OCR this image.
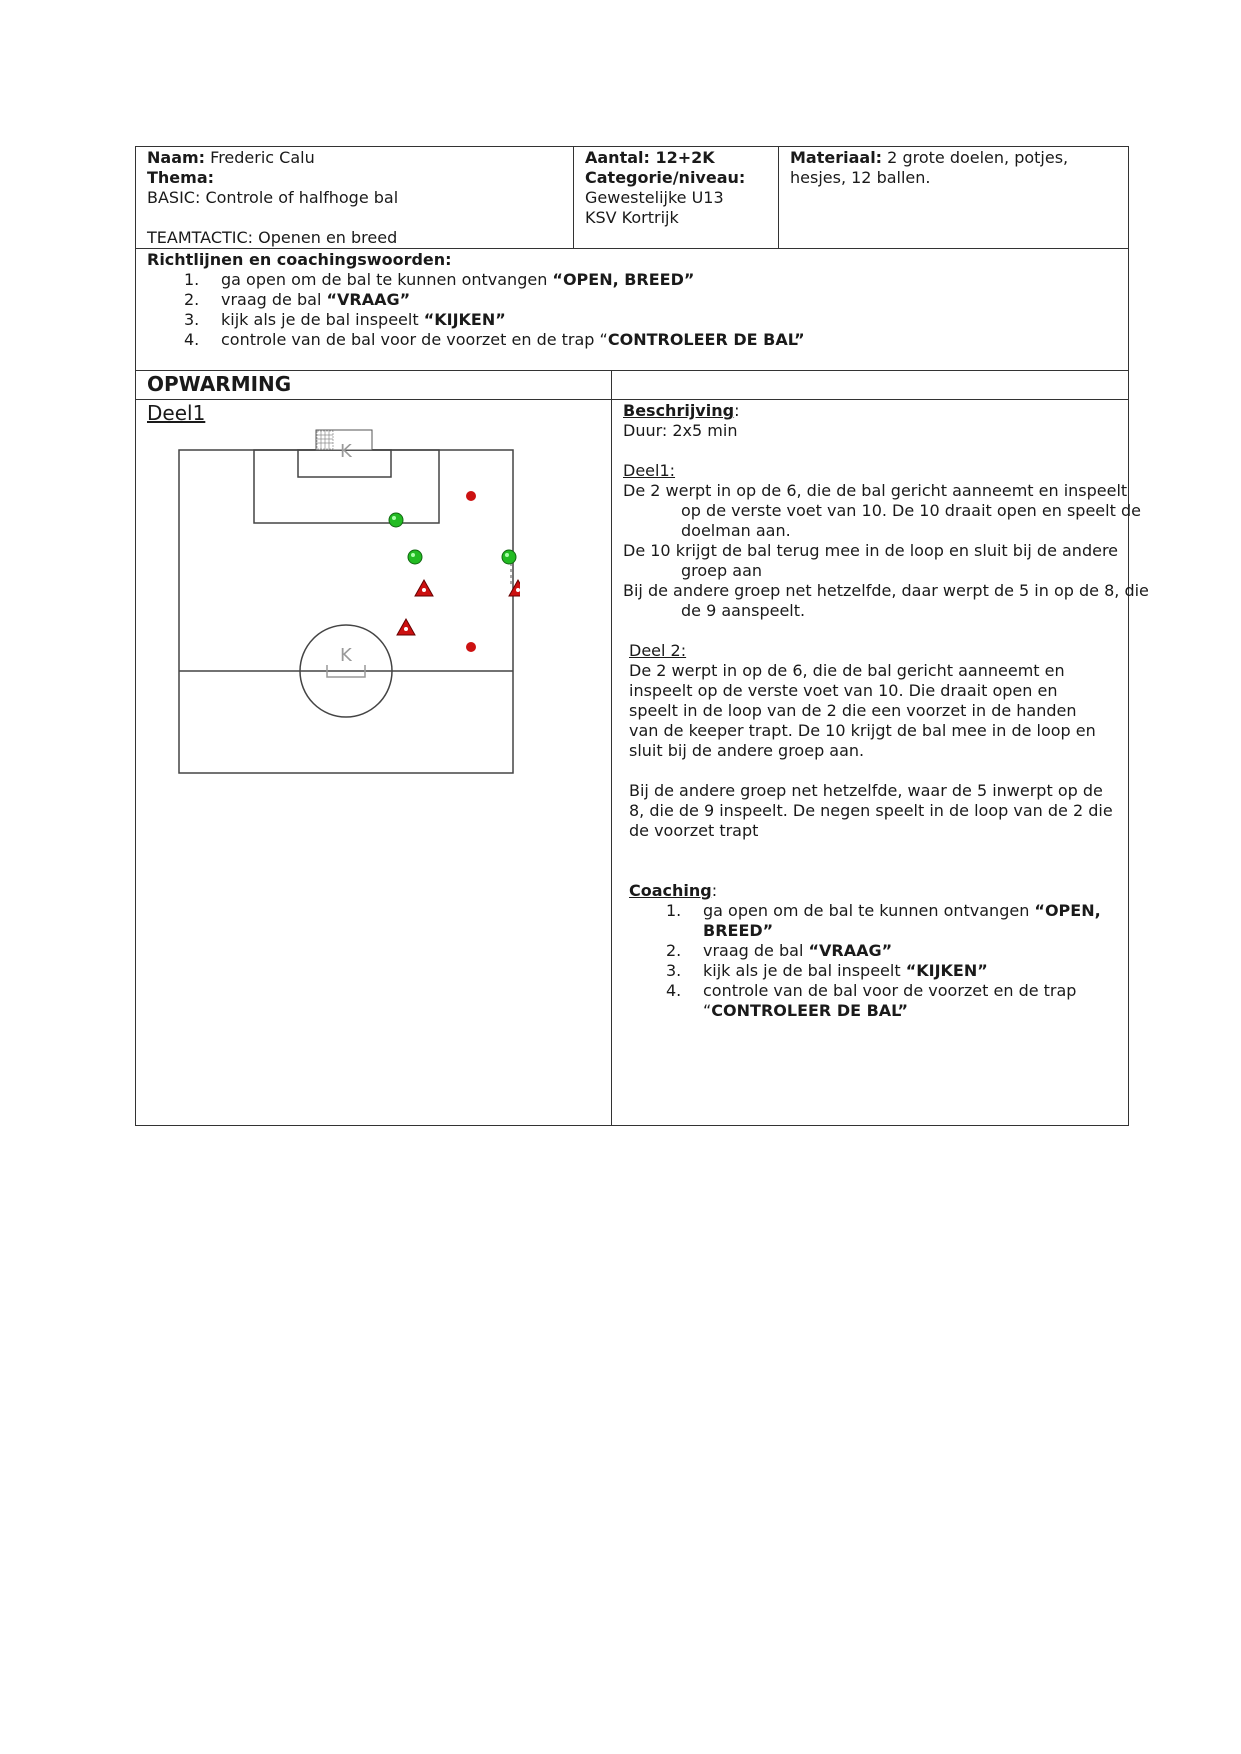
Naam: Frederic Calu
Thema:
BASIC: Controle of halfhoge bal
TEAMTACTIC: Openen en breed
Aantal: 12+2K
Categorie/niveau:
Gewestelijke U13
KSV Kortrijk
Materiaal: 2 grote doelen, potjes, hesjes, 12 ballen.
Richtlijnen en coachingswoorden:
1. ga open om de bal te kunnen ontvangen “OPEN, BREED”
2. vraag de bal “VRAAG”
3. kijk als je de bal inspeelt “KIJKEN”
4. controle van de bal voor de voorzet en de trap “CONTROLEER DE BAL”
OPWARMING
Deel1
K
K

Beschrijving:

Duur: 2x5 min

Deel1:

De 2 werpt in op de 6, die de bal gericht aanneemt en inspeelt op de verste voet van 10. De 10 draait open en speelt de doelman aan.

De 10 krijgt de bal terug mee in de loop en sluit bij de andere groep aan

Bij de andere groep net hetzelfde, daar werpt de 5 in op de 8, die de 9 aanspeelt.

Deel 2:

De 2 werpt in op de 6, die de bal gericht aanneemt en inspeelt op de verste voet van 10. Die draait open en speelt in de loop van de 2 die een voorzet in de handen van de keeper trapt. De 10 krijgt de bal mee in de loop en sluit bij de andere groep aan.

Bij de andere groep net hetzelfde, waar de 5 inwerpt op de 8, die de 9 inspeelt. De negen speelt in de loop van de 2 die de voorzet trapt

Coaching:

1. ga open om de bal te kunnen ontvangen “OPEN, BREED”
2. vraag de bal “VRAAG”
3. kijk als je de bal inspeelt “KIJKEN”
4. controle van de bal voor de voorzet en de trap “CONTROLEER DE BAL”
